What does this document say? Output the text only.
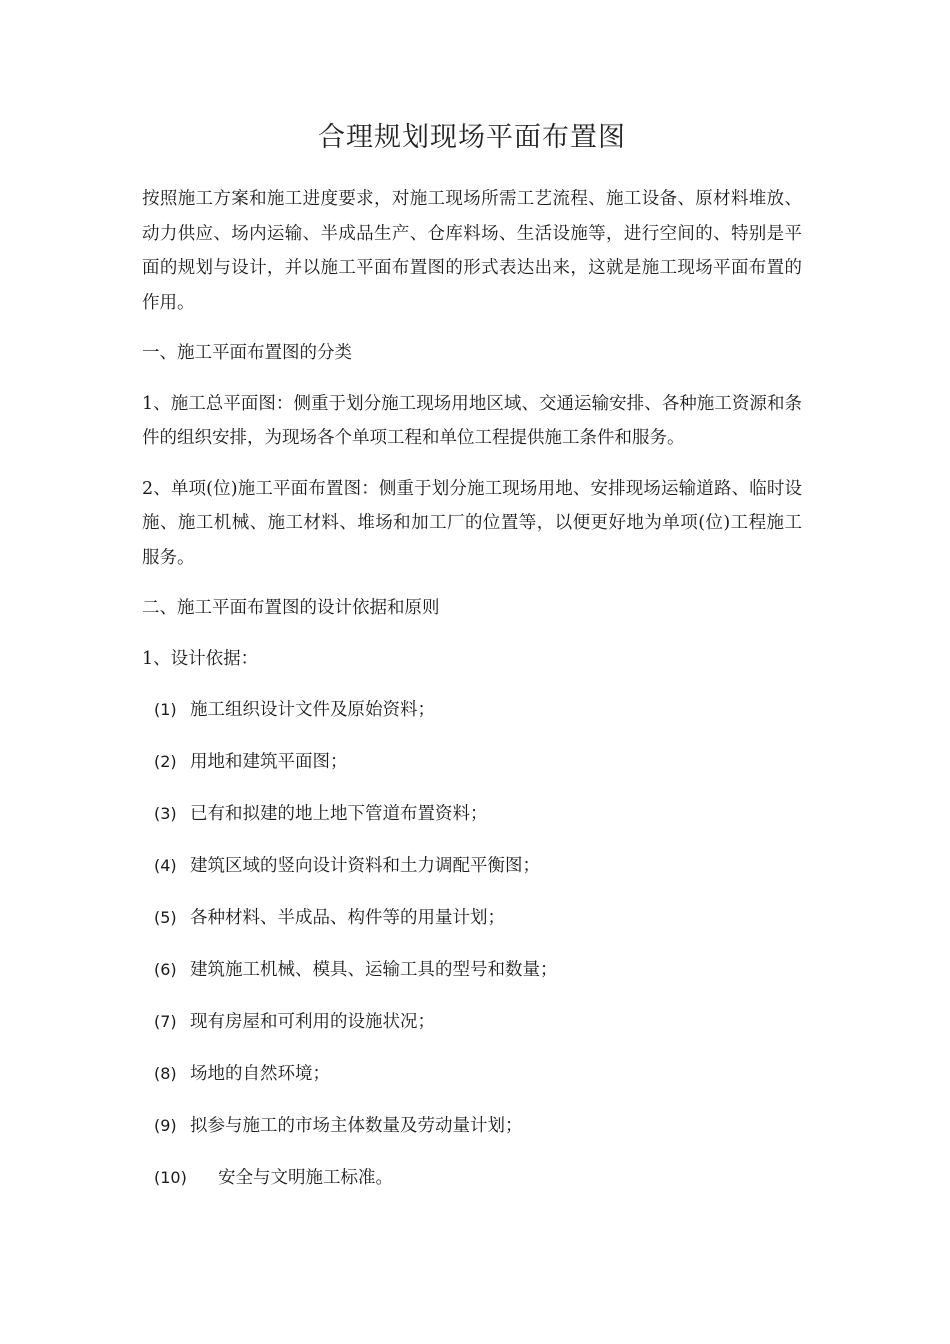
合理规划现场平面布置图

按照施工方案和施工进度要求，对施工现场所需工艺流程、施工设备、原材料堆放、动力供应、场内运输、半成品生产、仓库料场、生活设施等，进行空间的、特别是平面的规划与设计，并以施工平面布置图的形式表达出来，这就是施工现场平面布置的作用。

一、施工平面布置图的分类

1、施工总平面图：侧重于划分施工现场用地区域、交通运输安排、各种施工资源和条件的组织安排，为现场各个单项工程和单位工程提供施工条件和服务。

2、单项(位)施工平面布置图：侧重于划分施工现场用地、安排现场运输道路、临时设施、施工机械、施工材料、堆场和加工厂的位置等，以便更好地为单项(位)工程施工服务。

二、施工平面布置图的设计依据和原则

1、设计依据：

(1) 施工组织设计文件及原始资料；
(2) 用地和建筑平面图；
(3) 已有和拟建的地上地下管道布置资料；
(4) 建筑区域的竖向设计资料和土力调配平衡图；
(5) 各种材料、半成品、构件等的用量计划；
(6) 建筑施工机械、模具、运输工具的型号和数量；
(7) 现有房屋和可利用的设施状况；
(8) 场地的自然环境；
(9) 拟参与施工的市场主体数量及劳动量计划；
(10)	安全与文明施工标准。
